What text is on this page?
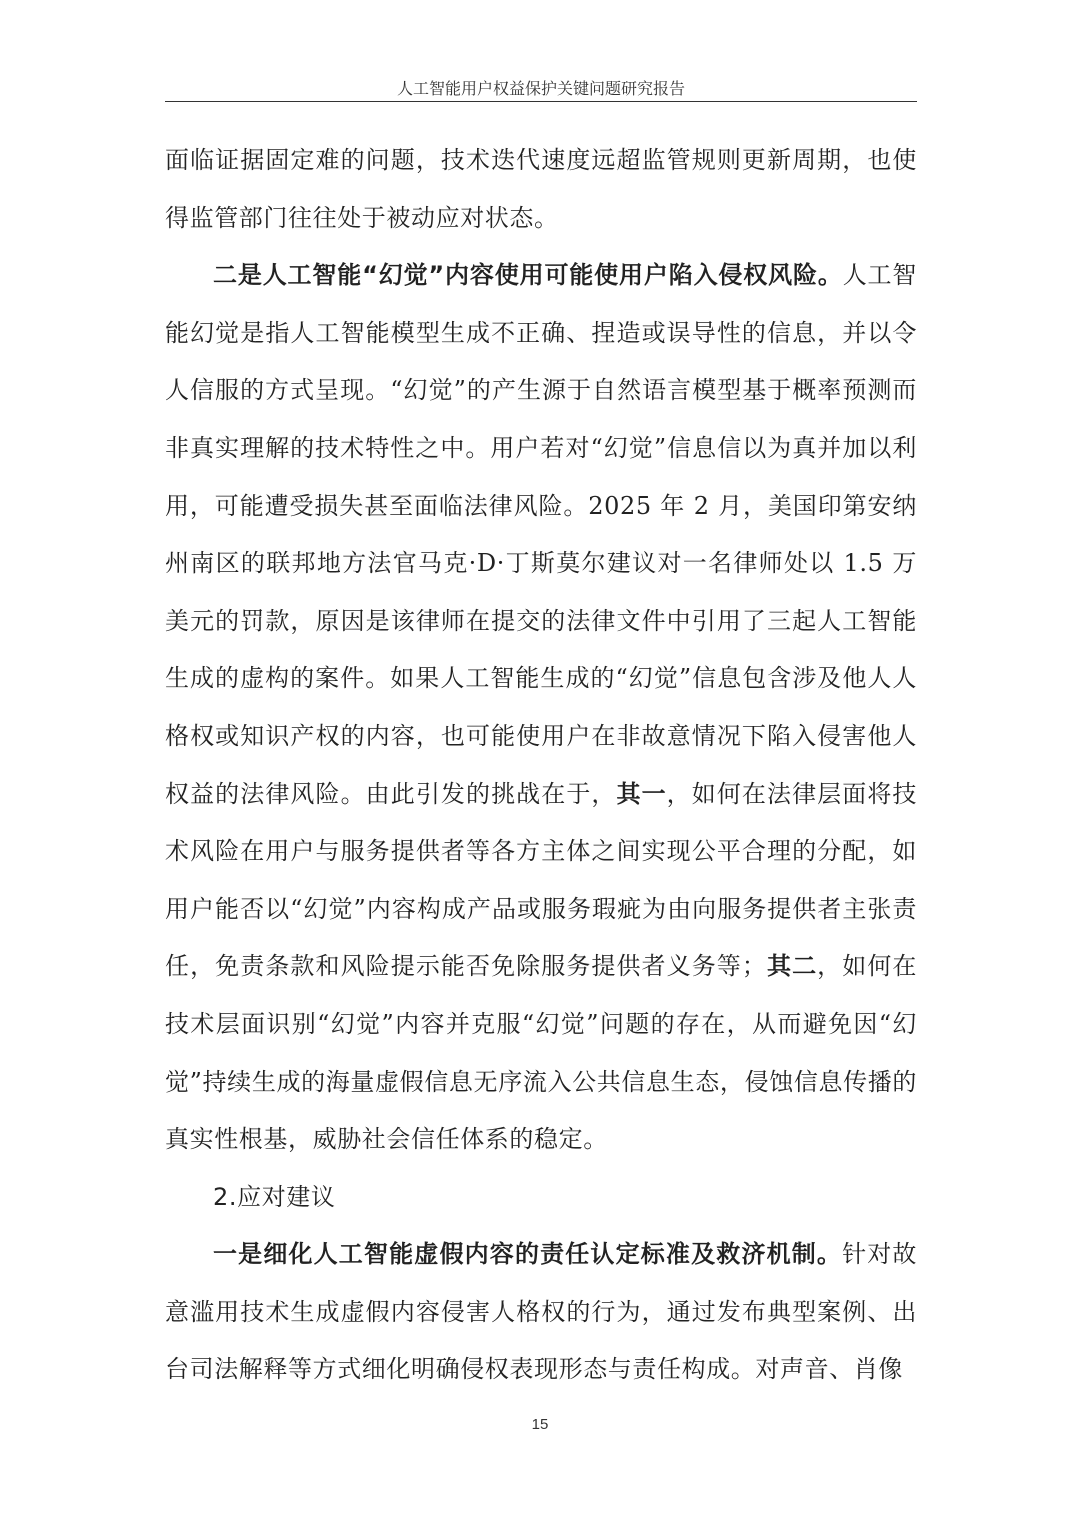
人工智能用户权益保护关键问题研究报告

面临证据固定难的问题，技术迭代速度远超监管规则更新周期，也使得监管部门往往处于被动应对状态。

二是人工智能“幻觉”内容使用可能使用户陷入侵权风险。人工智能幻觉是指人工智能模型生成不正确、捏造或误导性的信息，并以令人信服的方式呈现。“幻觉”的产生源于自然语言模型基于概率预测而非真实理解的技术特性之中。用户若对“幻觉”信息信以为真并加以利用，可能遭受损失甚至面临法律风险。2025 年 2 月，美国印第安纳州南区的联邦地方法官马克·D·丁斯莫尔建议对一名律师处以 1.5 万美元的罚款，原因是该律师在提交的法律文件中引用了三起人工智能生成的虚构的案件。如果人工智能生成的“幻觉”信息包含涉及他人人格权或知识产权的内容，也可能使用户在非故意情况下陷入侵害他人权益的法律风险。由此引发的挑战在于，其一，如何在法律层面将技术风险在用户与服务提供者等各方主体之间实现公平合理的分配，如用户能否以“幻觉”内容构成产品或服务瑕疵为由向服务提供者主张责任，免责条款和风险提示能否免除服务提供者义务等；其二，如何在技术层面识别“幻觉”内容并克服“幻觉”问题的存在，从而避免因“幻觉”持续生成的海量虚假信息无序流入公共信息生态，侵蚀信息传播的真实性根基，威胁社会信任体系的稳定。

2.应对建议

一是细化人工智能虚假内容的责任认定标准及救济机制。针对故意滥用技术生成虚假内容侵害人格权的行为，通过发布典型案例、出台司法解释等方式细化明确侵权表现形态与责任构成。对声音、肖像

15
